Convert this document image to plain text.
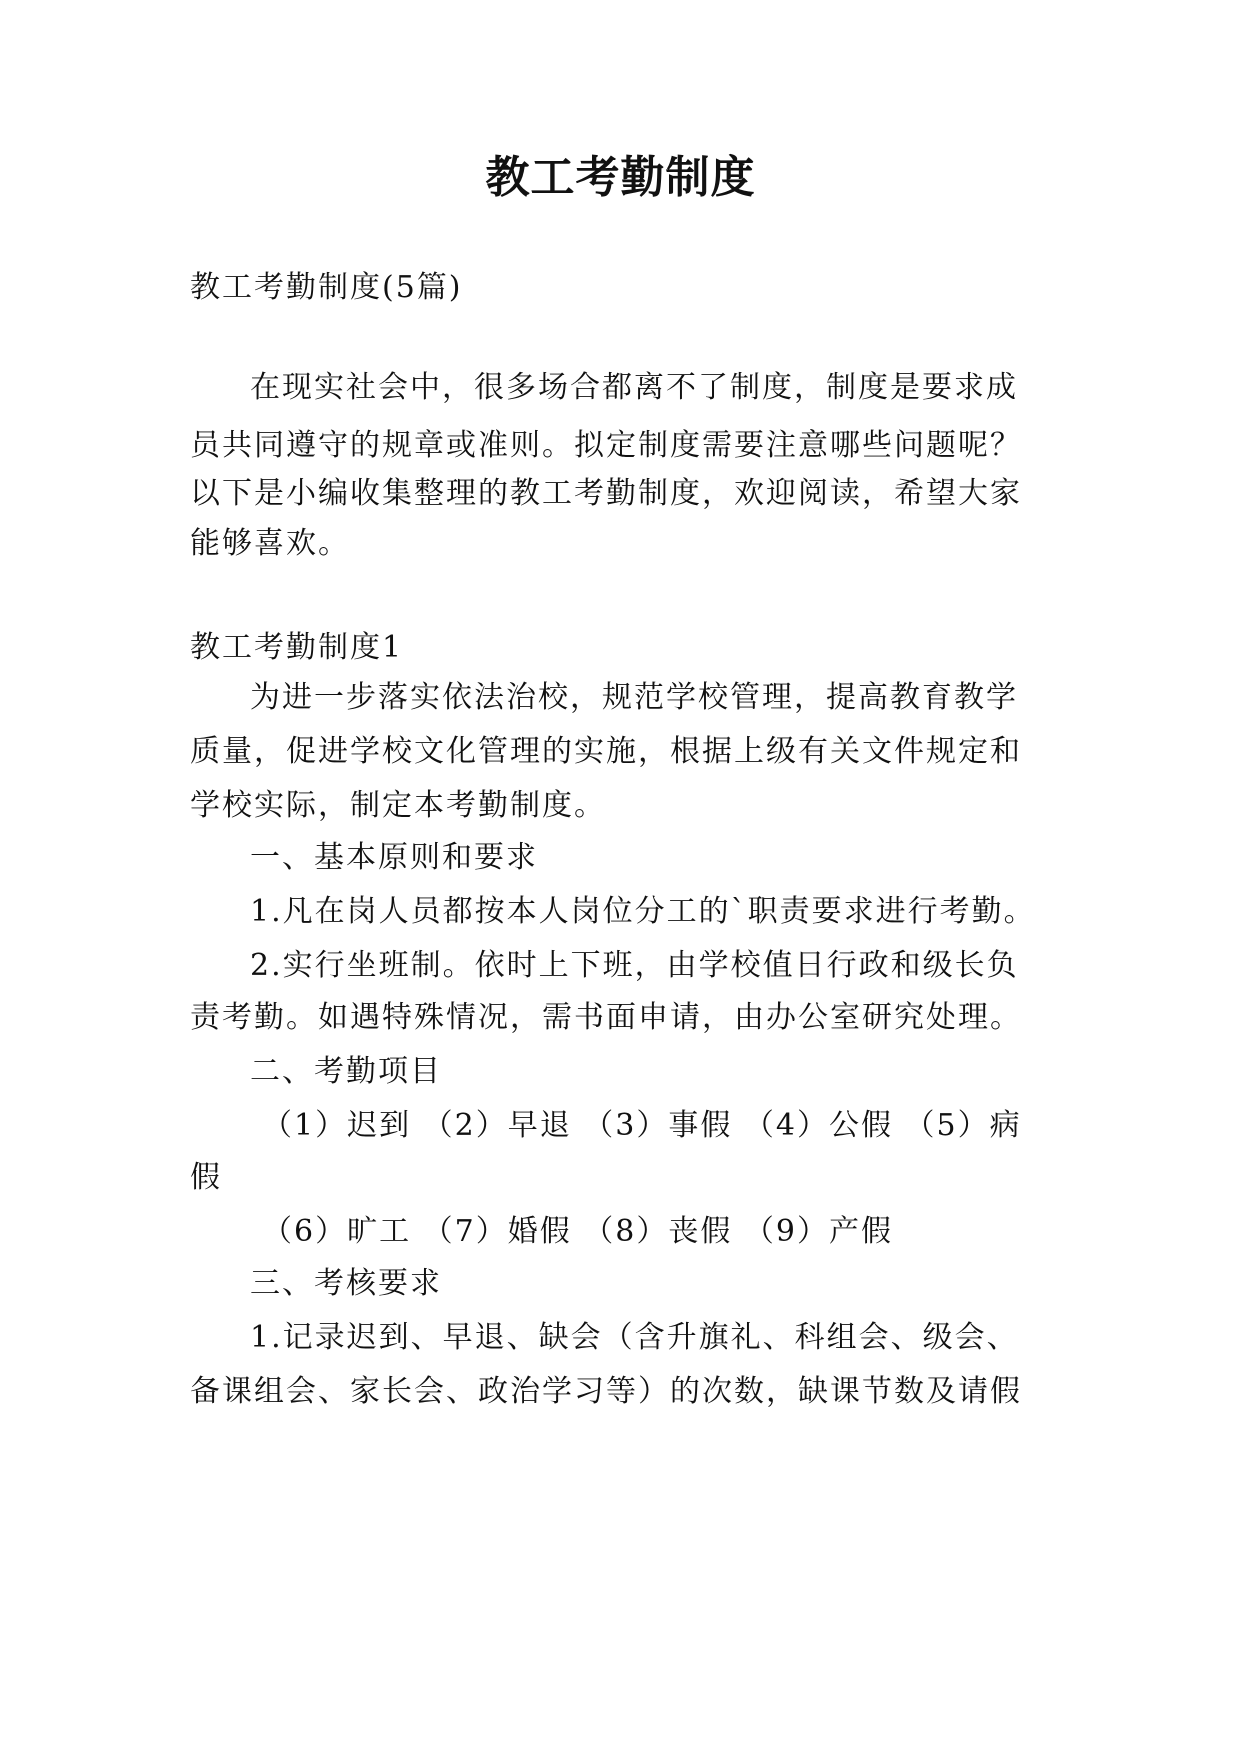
教工考勤制度
教工考勤制度(5篇)
在现实社会中，很多场合都离不了制度，制度是要求成
员共同遵守的规章或准则。拟定制度需要注意哪些问题呢？
以下是小编收集整理的教工考勤制度，欢迎阅读，希望大家
能够喜欢。
教工考勤制度1
为进一步落实依法治校，规范学校管理，提高教育教学
质量，促进学校文化管理的实施，根据上级有关文件规定和
学校实际，制定本考勤制度。
一、基本原则和要求
1.凡在岗人员都按本人岗位分工的`职责要求进行考勤。
2.实行坐班制。依时上下班，由学校值日行政和级长负
责考勤。如遇特殊情况，需书面申请，由办公室研究处理。
二、考勤项目
（1）迟到 （2）早退 （3）事假 （4）公假 （5）病
假
（6）旷工 （7）婚假 （8）丧假 （9）产假
三、考核要求
1.记录迟到、早退、缺会（含升旗礼、科组会、级会、
备课组会、家长会、政治学习等）的次数，缺课节数及请假
